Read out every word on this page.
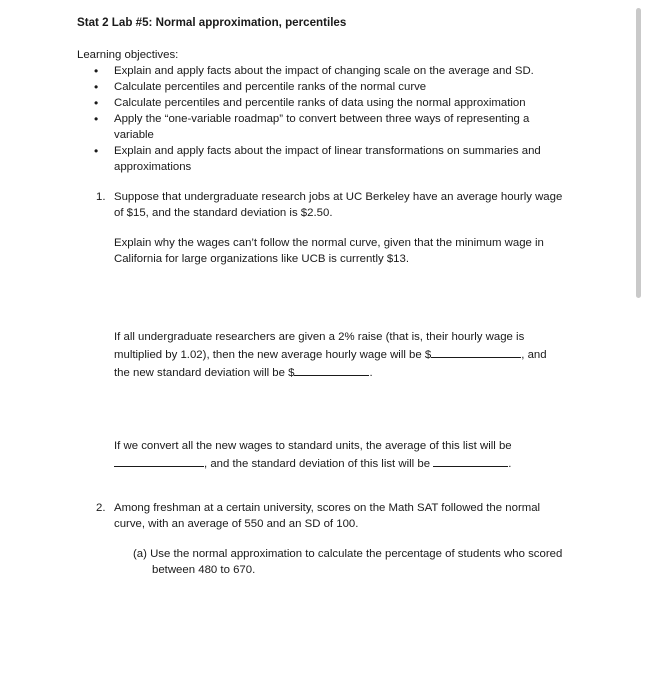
Stat 2 Lab #5: Normal approximation, percentiles
Learning objectives:
• Explain and apply facts about the impact of changing scale on the average and SD.
• Calculate percentiles and percentile ranks of the normal curve
• Calculate percentiles and percentile ranks of data using the normal approximation
• Apply the “one-variable roadmap” to convert between three ways of representing a variable
• Explain and apply facts about the impact of linear transformations on summaries and approximations
1. Suppose that undergraduate research jobs at UC Berkeley have an average hourly wage of $15, and the standard deviation is $2.50.
Explain why the wages can’t follow the normal curve, given that the minimum wage in California for large organizations like UCB is currently $13.
If all undergraduate researchers are given a 2% raise (that is, their hourly wage is multiplied by 1.02), then the new average hourly wage will be $	, and
the new standard deviation will be $	.
If we convert all the new wages to standard units, the average of this list will be
, and the standard deviation of this list will be	.
2. Among freshman at a certain university, scores on the Math SAT followed the normal curve, with an average of 550 and an SD of 100.
(a) Use the normal approximation to calculate the percentage of students who scored between 480 to 670.
